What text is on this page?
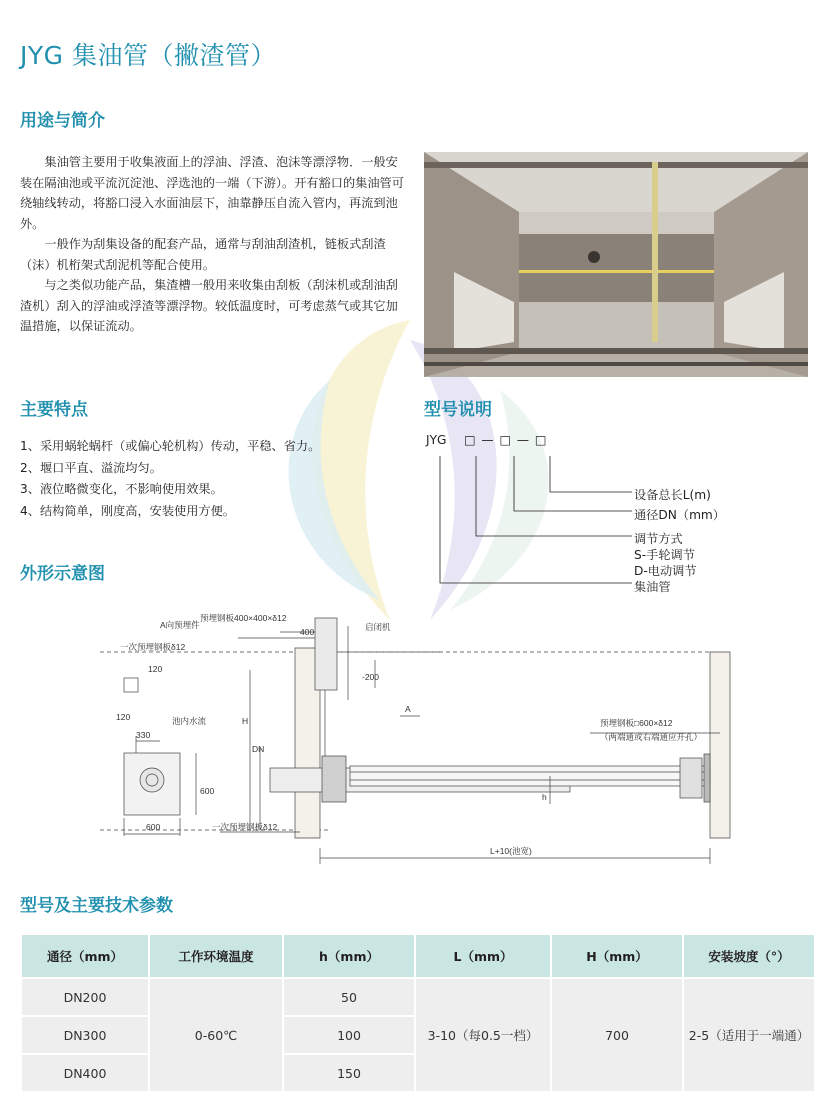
JYG 集油管（撇渣管）
用途与简介

集油管主要用于收集液面上的浮油、浮渣、泡沫等漂浮物．一般安装在隔油池或平流沉淀池、浮选池的一端（下游）。开有豁口的集油管可绕轴线转动，将豁口浸入水面油层下，油靠静压自流入管内，再流到池外。

一般作为刮集设备的配套产品，通常与刮油刮渣机，链板式刮渣（沫）机桁架式刮泥机等配合使用。

与之类似功能产品，集渣槽一般用来收集由刮板（刮沫机或刮油刮渣机）刮入的浮油或浮渣等漂浮物。较低温度时，可考虑蒸气或其它加温措施，以保证流动。

主要特点
1、采用蜗轮蜗杆（或偏心轮机构）传动，平稳、省力。
2、堰口平直、溢流均匀。
3、液位略微变化，不影响使用效果。
4、结构简单，刚度高，安装使用方便。
型号说明
JYG □ — □ — □
设备总长L(m)
通径DN（mm）
调节方式
S-手轮调节
D-电动调节
集油管
外形示意图
A向预埋件
一次预埋钢板δ12
预埋钢板400×400×δ12
400	启闭机
-200
120
120	池内水流
330
H
DN
A
预埋钢板□600×δ12
（两端通或右端通应开孔）
h
600
600	一次预埋钢板δ12
L+10(池宽)
型号及主要技术参数
通径（mm）	工作环境温度	h（mm）	L（mm）	H（mm）	安装坡度（°）
DN200	0-60℃	50	3-10（每0.5一档）	700	2-5（适用于一端通）
DN300		100			
DN400		150			
